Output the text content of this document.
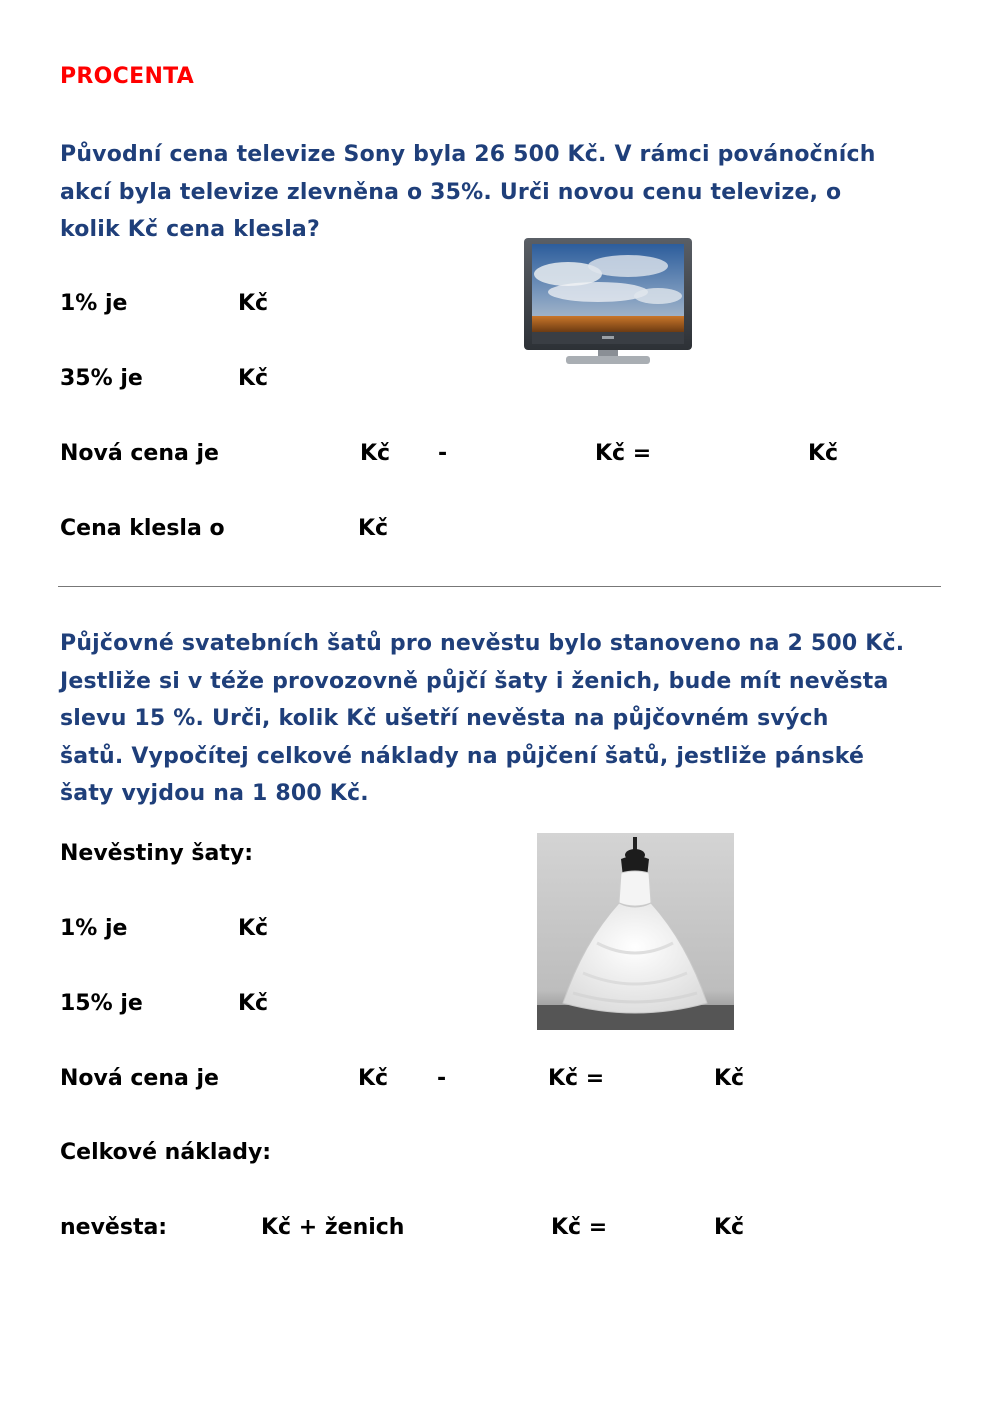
PROCENTA
Původní cena televize Sony byla 26 500 Kč. V rámci povánočních
akcí byla televize zlevněna o 35%. Urči novou cenu televize, o
kolik Kč cena klesla?
1% je	Kč
35% je	Kč
Nová cena je	Kč -	Kč =	Kč
Cena klesla o	Kč
Půjčovné svatebních šatů pro nevěstu bylo stanoveno na 2 500 Kč.
Jestliže si v téže provozovně půjčí šaty i ženich, bude mít nevěsta
slevu 15 %. Urči, kolik Kč ušetří nevěsta na půjčovném svých
šatů. Vypočítej celkové náklady na půjčení šatů, jestliže pánské
šaty vyjdou na 1 800 Kč.
Nevěstiny šaty:
1% je	Kč
15% je	Kč
Nová cena je	Kč -	Kč =	Kč
Celkové náklady:
nevěsta:	Kč + ženich	Kč =	Kč
